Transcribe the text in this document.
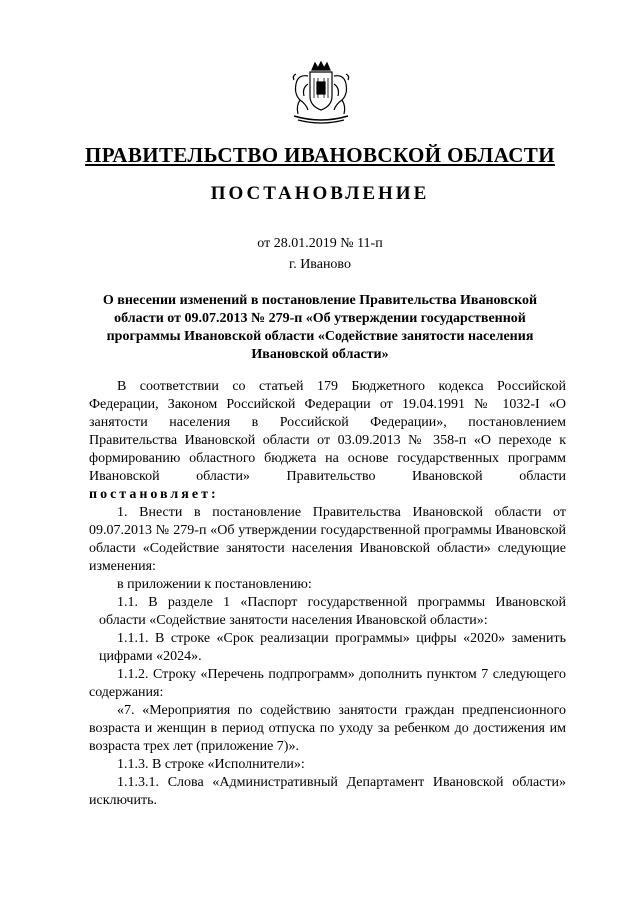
ПРАВИТЕЛЬСТВО ИВАНОВСКОЙ ОБЛАСТИ
ПОСТАНОВЛЕНИЕ
от 28.01.2019 № 11-п
г. Иваново
О внесении изменений в постановление Правительства Ивановской области от 09.07.2013 № 279-п «Об утверждении государственной программы Ивановской области «Содействие занятости населения Ивановской области»

В соответствии со статьей 179 Бюджетного кодекса Российской Федерации, Законом Российской Федерации от 19.04.1991 № 1032-I «О занятости населения в Российской Федерации», постановлением Правительства Ивановской области от 03.09.2013 № 358-п «О переходе к формированию областного бюджета на основе государственных программ Ивановской области» Правительство Ивановской области постановляет:

1. Внести в постановление Правительства Ивановской области от 09.07.2013 № 279-п «Об утверждении государственной программы Ивановской области «Содействие занятости населения Ивановской области» следующие изменения:

в приложении к постановлению:

1.1. В разделе 1 «Паспорт государственной программы Ивановской области «Содействие занятости населения Ивановской области»:

1.1.1. В строке «Срок реализации программы» цифры «2020» заменить цифрами «2024».

1.1.2. Строку «Перечень подпрограмм» дополнить пунктом 7 следующего содержания:

«7. «Мероприятия по содействию занятости граждан предпенсионного возраста и женщин в период отпуска по уходу за ребенком до достижения им возраста трех лет (приложение 7)».

1.1.3. В строке «Исполнители»:

1.1.3.1. Слова «Административный Департамент Ивановской области» исключить.
